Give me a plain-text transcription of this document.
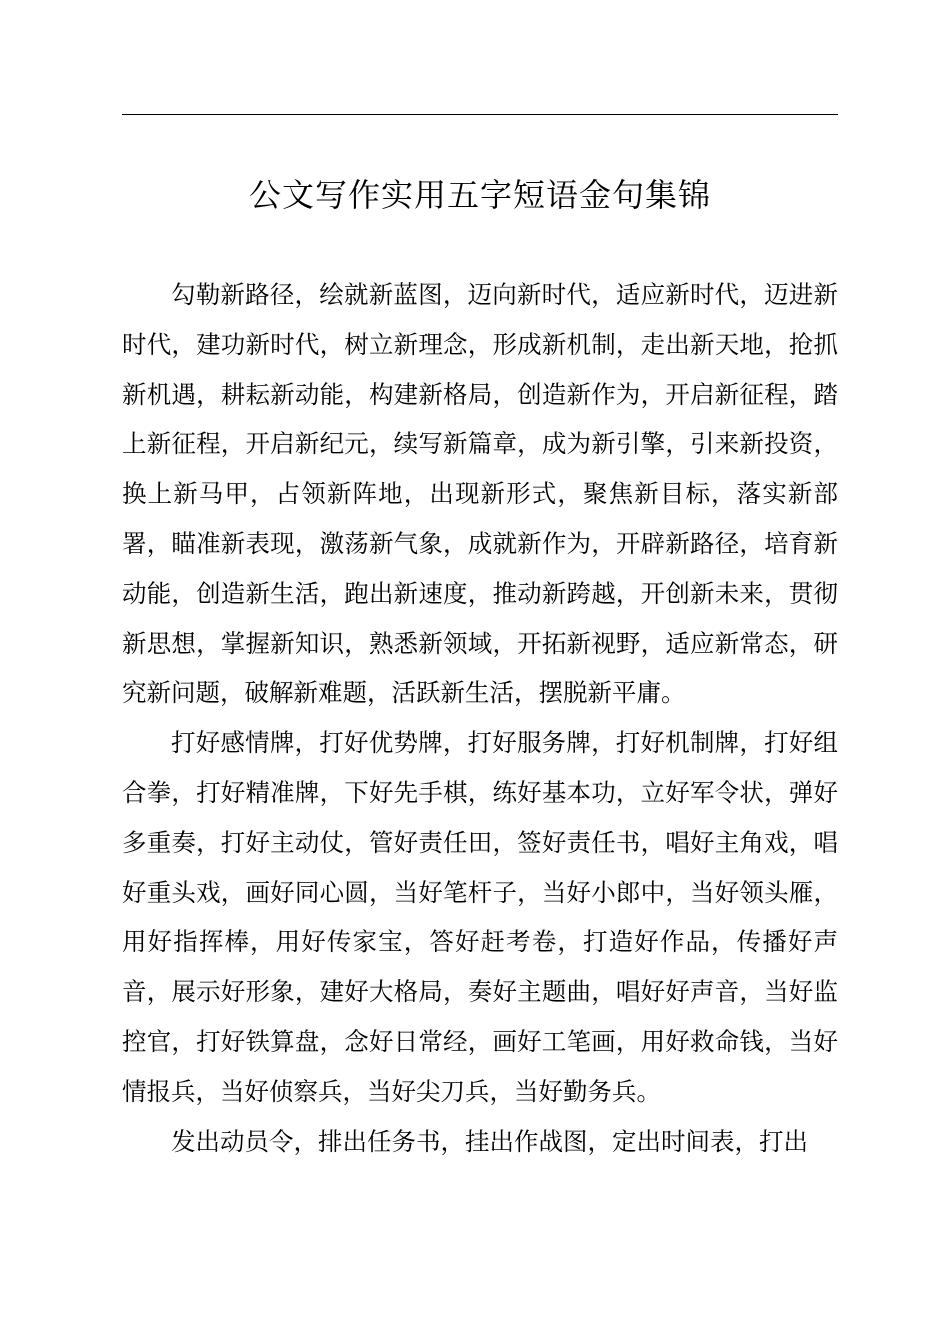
公文写作实用五字短语金句集锦

勾勒新路径，绘就新蓝图，迈向新时代，适应新时代，迈进新时代，建功新时代，树立新理念，形成新机制，走出新天地，抢抓新机遇，耕耘新动能，构建新格局，创造新作为，开启新征程，踏上新征程，开启新纪元，续写新篇章，成为新引擎，引来新投资，换上新马甲，占领新阵地，出现新形式，聚焦新目标，落实新部署，瞄准新表现，激荡新气象，成就新作为，开辟新路径，培育新动能，创造新生活，跑出新速度，推动新跨越，开创新未来，贯彻新思想，掌握新知识，熟悉新领域，开拓新视野，适应新常态，研究新问题，破解新难题，活跃新生活，摆脱新平庸。

打好感情牌，打好优势牌，打好服务牌，打好机制牌，打好组合拳，打好精准牌，下好先手棋，练好基本功，立好军令状，弹好多重奏，打好主动仗，管好责任田，签好责任书，唱好主角戏，唱好重头戏，画好同心圆，当好笔杆子，当好小郎中，当好领头雁，用好指挥棒，用好传家宝，答好赶考卷，打造好作品，传播好声音，展示好形象，建好大格局，奏好主题曲，唱好好声音，当好监控官，打好铁算盘，念好日常经，画好工笔画，用好救命钱，当好情报兵，当好侦察兵，当好尖刀兵，当好勤务兵。

发出动员令，排出任务书，挂出作战图，定出时间表，打出
